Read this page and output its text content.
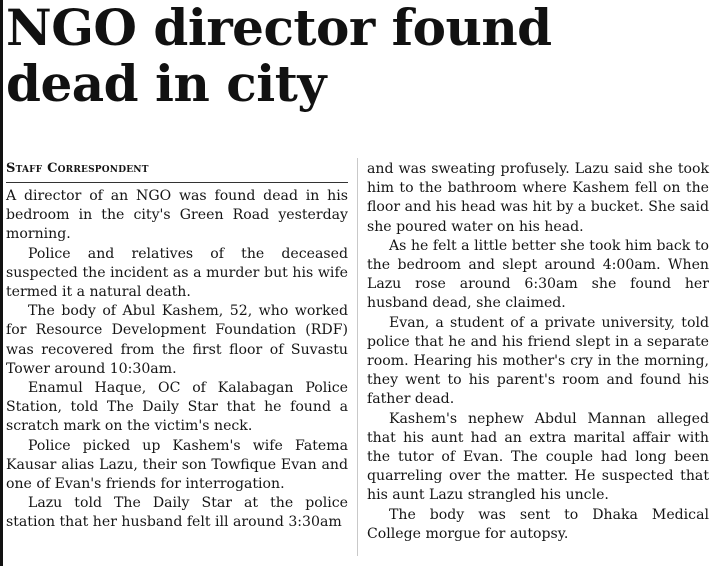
NGO director found
dead in city
Staff Correspondent

A director of an NGO was found dead in his bedroom in the city's Green Road yesterday morning.

Police and relatives of the deceased suspected the incident as a murder but his wife termed it a natural death.

The body of Abul Kashem, 52, who worked for Resource Development Foundation (RDF) was recovered from the first floor of Suvastu Tower around 10:30am.

Enamul Haque, OC of Kalabagan Police Station, told The Daily Star that he found a scratch mark on the victim's neck.

Police picked up Kashem's wife Fatema Kausar alias Lazu, their son Towfique Evan and one of Evan's friends for interrogation.

Lazu told The Daily Star at the police station that her husband felt ill around 3:30am

and was sweating profusely. Lazu said she took him to the bathroom where Kashem fell on the floor and his head was hit by a bucket. She said she poured water on his head.

As he felt a little better she took him back to the bedroom and slept around 4:00am. When Lazu rose around 6:30am she found her husband dead, she claimed.

Evan, a student of a private university, told police that he and his friend slept in a separate room. Hearing his mother's cry in the morning, they went to his parent's room and found his father dead.

Kashem's nephew Abdul Mannan alleged that his aunt had an extra marital affair with the tutor of Evan. The couple had long been quarreling over the matter. He suspected that his aunt Lazu strangled his uncle.

The body was sent to Dhaka Medical College morgue for autopsy.
